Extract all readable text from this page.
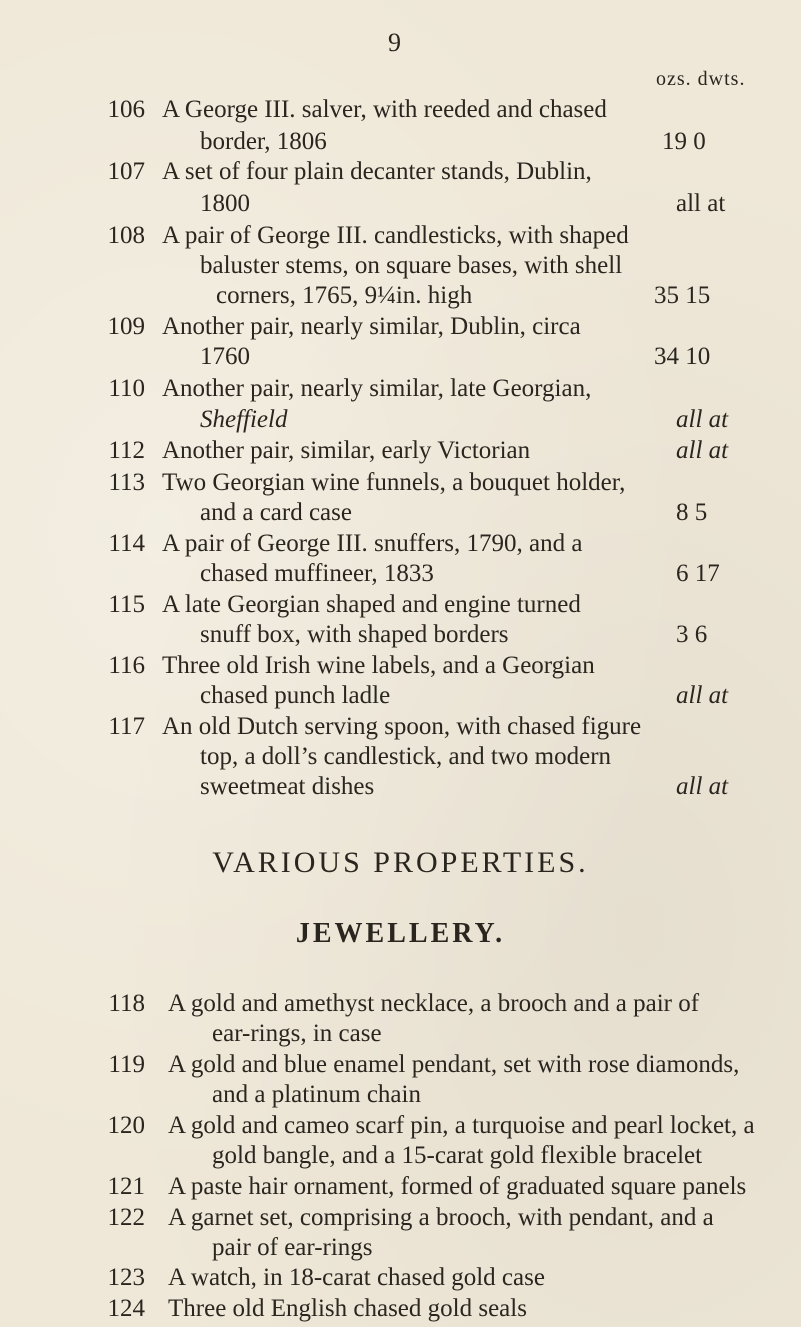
9
ozs. dwts.
106 A George III. salver, with reeded and chased
border, 1806	19 0
107 A set of four plain decanter stands, Dublin,
1800	all at
108 A pair of George III. candlesticks, with shaped
baluster stems, on square bases, with shell
corners, 1765, 9¼in. high	35 15
109 Another pair, nearly similar, Dublin, circa
1760	34 10
110 Another pair, nearly similar, late Georgian,
Sheffield	all at
112 Another pair, similar, early Victorian	all at
113 Two Georgian wine funnels, a bouquet holder,
and a card case	8 5
114 A pair of George III. snuffers, 1790, and a
chased muffineer, 1833	6 17
115 A late Georgian shaped and engine turned
snuff box, with shaped borders	3 6
116 Three old Irish wine labels, and a Georgian
chased punch ladle	all at
117 An old Dutch serving spoon, with chased figure
top, a doll’s candlestick, and two modern
sweetmeat dishes	all at
VARIOUS PROPERTIES.
JEWELLERY.
118 A gold and amethyst necklace, a brooch and a pair of
ear-rings, in case
119 A gold and blue enamel pendant, set with rose diamonds,
and a platinum chain
120 A gold and cameo scarf pin, a turquoise and pearl locket, a
gold bangle, and a 15-carat gold flexible bracelet
121 A paste hair ornament, formed of graduated square panels
122 A garnet set, comprising a brooch, with pendant, and a
pair of ear-rings
123 A watch, in 18-carat chased gold case
124 Three old English chased gold seals
